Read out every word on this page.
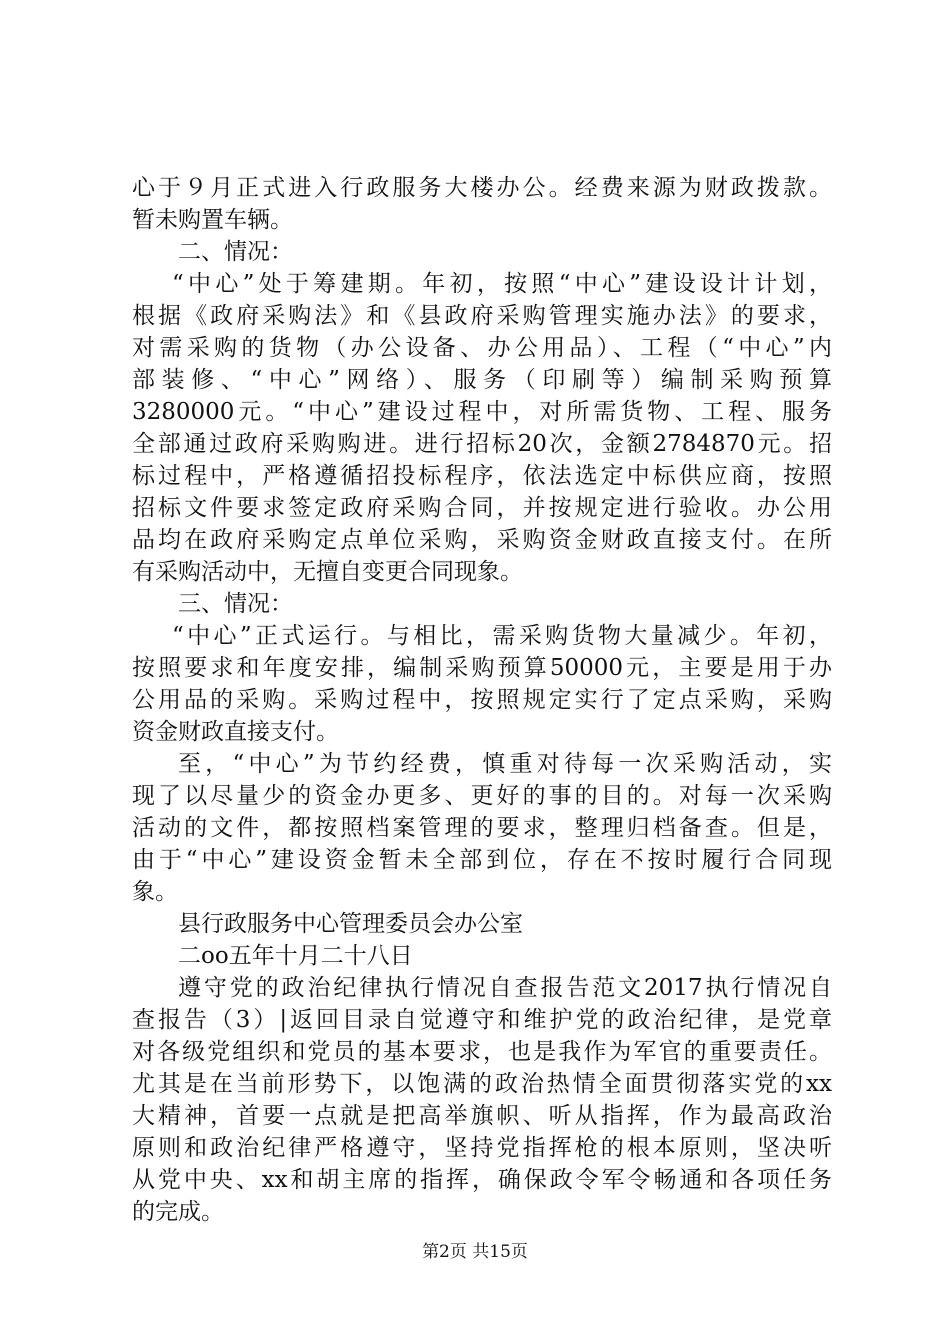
心于９月正式进入行政服务大楼办公。经费来源为财政拨款。
暂未购置车辆。
二、情况：
“中心”处于筹建期。年初，按照“中心”建设设计计划，
根据《政府采购法》和《县政府采购管理实施办法》的要求，
对需采购的货物（办公设备、办公用品）、工程（“中心”内
部装修、“中心”网络）、服务（印刷等）编制采购预算
3280000元。“中心”建设过程中，对所需货物、工程、服务
全部通过政府采购购进。进行招标20次，金额2784870元。招
标过程中，严格遵循招投标程序，依法选定中标供应商，按照
招标文件要求签定政府采购合同，并按规定进行验收。办公用
品均在政府采购定点单位采购，采购资金财政直接支付。在所
有采购活动中，无擅自变更合同现象。
三、情况：
“中心”正式运行。与相比，需采购货物大量减少。年初，
按照要求和年度安排，编制采购预算50000元，主要是用于办
公用品的采购。采购过程中，按照规定实行了定点采购，采购
资金财政直接支付。
至，“中心”为节约经费，慎重对待每一次采购活动，实
现了以尽量少的资金办更多、更好的事的目的。对每一次采购
活动的文件，都按照档案管理的要求，整理归档备查。但是，
由于“中心”建设资金暂未全部到位，存在不按时履行合同现
象。
县行政服务中心管理委员会办公室
二oo五年十月二十八日
遵守党的政治纪律执行情况自查报告范文2017执行情况自
查报告（3）|返回目录自觉遵守和维护党的政治纪律，是党章
对各级党组织和党员的基本要求，也是我作为军官的重要责任。
尤其是在当前形势下，以饱满的政治热情全面贯彻落实党的xx
大精神，首要一点就是把高举旗帜、听从指挥，作为最高政治
原则和政治纪律严格遵守，坚持党指挥枪的根本原则，坚决听
从党中央、xx和胡主席的指挥，确保政令军令畅通和各项任务
的完成。
第2页 共15页
